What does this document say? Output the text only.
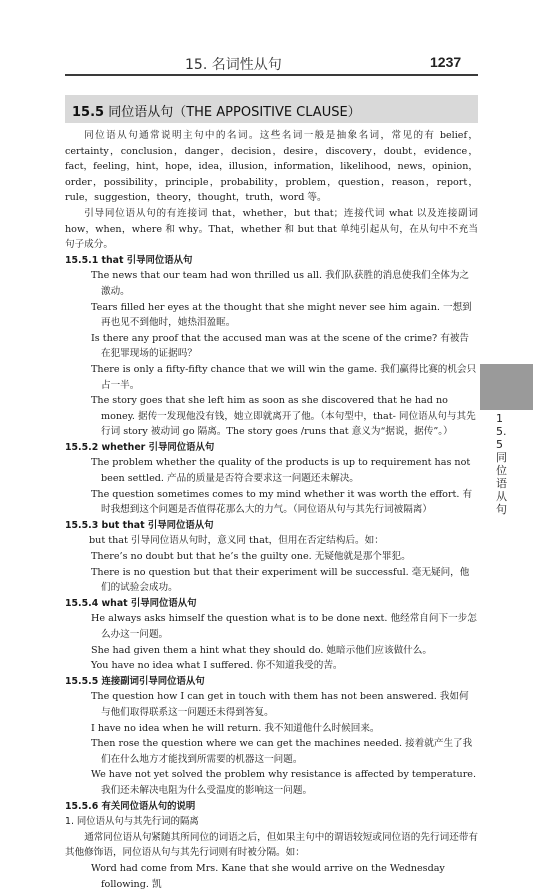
15. 名词性从句	1237
15.5 同位语从句（THE APPOSITIVE CLAUSE）
15.5 同位语从句

同位语从句通常说明主句中的名词。这些名词一般是抽象名词，常见的有 belief，certainty，conclusion，danger，decision，desire，discovery，doubt，evidence，fact，feeling，hint，hope，idea，illusion，information，likelihood，news，opinion，order，possibility，principle，probability，problem，question，reason，report，rule，suggestion，theory，thought，truth，word 等。

引导同位语从句的有连接词 that，whether，but that；连接代词 what 以及连接副词 how，when，where 和 why。That，whether 和 but that 单纯引起从句，在从句中不充当句子成分。

15.5.1 that 引导同位语从句

The news that our team had won thrilled us all. 我们队获胜的消息使我们全体为之激动。

Tears filled her eyes at the thought that she might never see him again. 一想到再也见不到他时，她热泪盈眶。

Is there any proof that the accused man was at the scene of the crime? 有被告在犯罪现场的证据吗？

There is only a fifty-fifty chance that we will win the game. 我们赢得比赛的机会只占一半。

The story goes that she left him as soon as she discovered that he had no money. 据传一发现他没有钱，她立即就离开了他。（本句型中，that- 同位语从句与其先行词 story 被动词 go 隔离。The story goes /runs that 意义为“据说，据传”。）

15.5.2 whether 引导同位语从句

The problem whether the quality of the products is up to requirement has not been settled. 产品的质量是否符合要求这一问题还未解决。

The question sometimes comes to my mind whether it was worth the effort. 有时我想到这个问题是否值得花那么大的力气。（同位语从句与其先行词被隔离）

15.5.3 but that 引导同位语从句

but that 引导同位语从句时，意义同 that，但用在否定结构后。如：

There’s no doubt but that he’s the guilty one. 无疑他就是那个罪犯。

There is no question but that their experiment will be successful. 毫无疑问，他们的试验会成功。

15.5.4 what 引导同位语从句

He always asks himself the question what is to be done next. 他经常自问下一步怎么办这一问题。

She had given them a hint what they should do. 她暗示他们应该做什么。

You have no idea what I suffered. 你不知道我受的苦。

15.5.5 连接副词引导同位语从句

The question how I can get in touch with them has not been answered. 我如何与他们取得联系这一问题还未得到答复。

I have no idea when he will return. 我不知道他什么时候回来。

Then rose the question where we can get the machines needed. 接着就产生了我们在什么地方才能找到所需要的机器这一问题。

We have not yet solved the problem why resistance is affected by temperature. 我们还未解决电阻为什么受温度的影响这一问题。

15.5.6 有关同位语从句的说明

1. 同位语从句与其先行词的隔离

通常同位语从句紧随其所同位的词语之后，但如果主句中的谓语较短或同位语的先行词还带有其他修饰语，同位语从句与其先行词则有时被分隔。如：

Word had come from Mrs. Kane that she would arrive on the Wednesday following. 凯
